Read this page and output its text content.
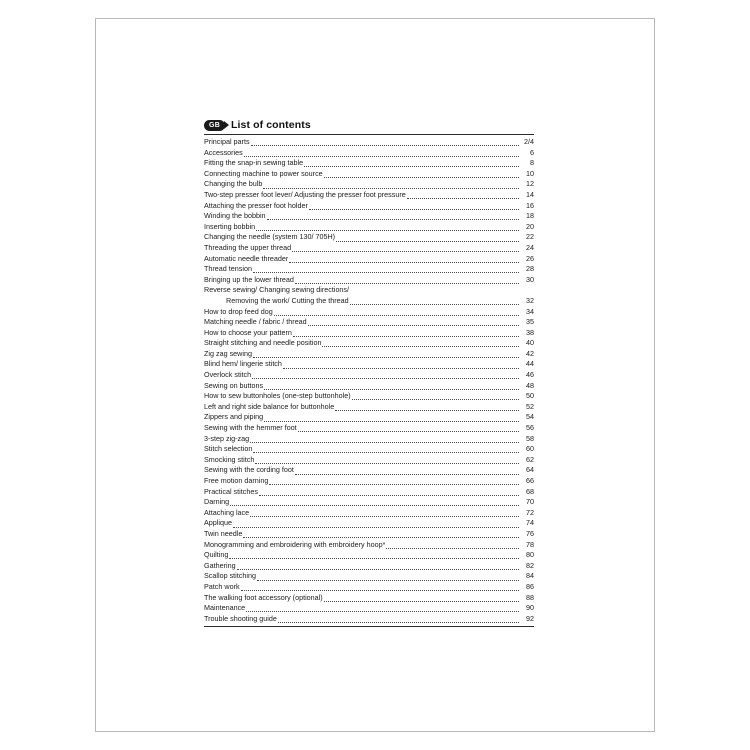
GB	List of contents
Principal parts	2/4
Accessories	6
Fitting the snap-in sewing table	8
Connecting machine to power source	10
Changing the bulb	12
Two-step presser foot lever/ Adjusting the presser foot pressure	14
Attaching the presser foot holder	16
Winding the bobbin	18
Inserting bobbin	20
Changing the needle (system 130/ 705H)	22
Threading the upper thread	24
Automatic needle threader	26
Thread tension	28
Bringing up the lower thread	30
Reverse sewing/ Changing sewing directions/
Removing the work/ Cutting the thread	32
How to drop feed dog	34
Matching needle / fabric / thread	35
How to choose your pattern	38
Straight stitching and needle position	40
Zig zag sewing	42
Blind hem/ lingerie stitch	44
Overlock stitch	46
Sewing on buttons	48
How to sew buttonholes (one-step buttonhole)	50
Left and right side balance for buttonhole	52
Zippers and piping	54
Sewing with the hemmer foot	56
3-step zig-zag	58
Stitch selection	60
Smocking stitch	62
Sewing with the cording foot	64
Free motion darning	66
Practical stitches	68
Darning	70
Attaching lace	72
Applique	74
Twin needle	76
Monogramming and embroidering with embroidery hoop*	78
Quilting	80
Gathering	82
Scallop stitching	84
Patch work	86
The walking foot accessory (optional)	88
Maintenance	90
Trouble shooting guide	92
